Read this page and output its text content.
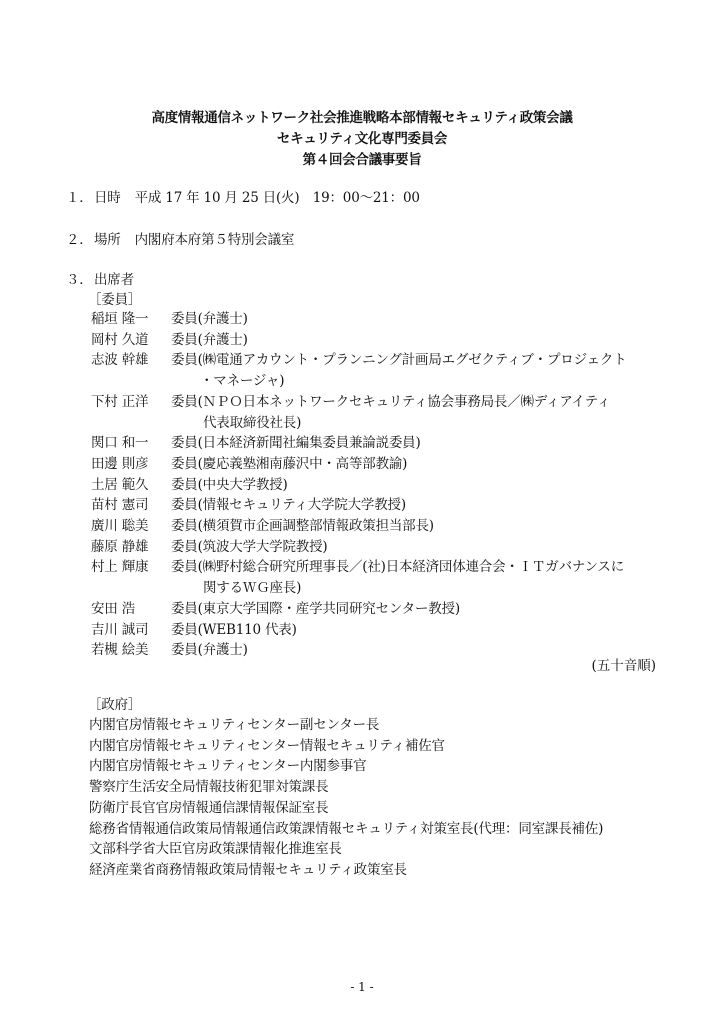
高度情報通信ネットワーク社会推進戦略本部情報セキュリティ政策会議
セキュリティ文化専門委員会
第４回会合議事要旨
１．日時 平成 17 年 10 月 25 日(火)　19：00～21：00
２．場所 内閣府本府第５特別会議室
３．出席者
［委員］
稲垣 隆一 委員(弁護士)
岡村 久道 委員(弁護士)
志波 幹雄 委員(㈱電通アカウント・プランニング計画局エグゼクティブ・プロジェクト
・マネージャ)
下村 正洋 委員(ＮＰＯ日本ネットワークセキュリティ協会事務局長／㈱ディアイティ
代表取締役社長)
関口 和一 委員(日本経済新聞社編集委員兼論説委員)
田邊 則彦 委員(慶応義塾湘南藤沢中・高等部教諭)
土居 範久 委員(中央大学教授)
苗村 憲司 委員(情報セキュリティ大学院大学教授)
廣川 聡美 委員(横須賀市企画調整部情報政策担当部長)
藤原 静雄 委員(筑波大学大学院教授)
村上 輝康 委員(㈱野村総合研究所理事長／(社)日本経済団体連合会・ＩＴガバナンスに
関するＷＧ座長)
安田 浩	委員(東京大学国際・産学共同研究センター教授)
吉川 誠司 委員(WEB110 代表)
若槻 絵美 委員(弁護士)
(五十音順)
［政府］
内閣官房情報セキュリティセンター副センター長
内閣官房情報セキュリティセンター情報セキュリティ補佐官
内閣官房情報セキュリティセンター内閣参事官
警察庁生活安全局情報技術犯罪対策課長
防衛庁長官官房情報通信課情報保証室長
総務省情報通信政策局情報通信政策課情報セキュリティ対策室長(代理：同室課長補佐)
文部科学省大臣官房政策課情報化推進室長
経済産業省商務情報政策局情報セキュリティ政策室長
- 1 -
